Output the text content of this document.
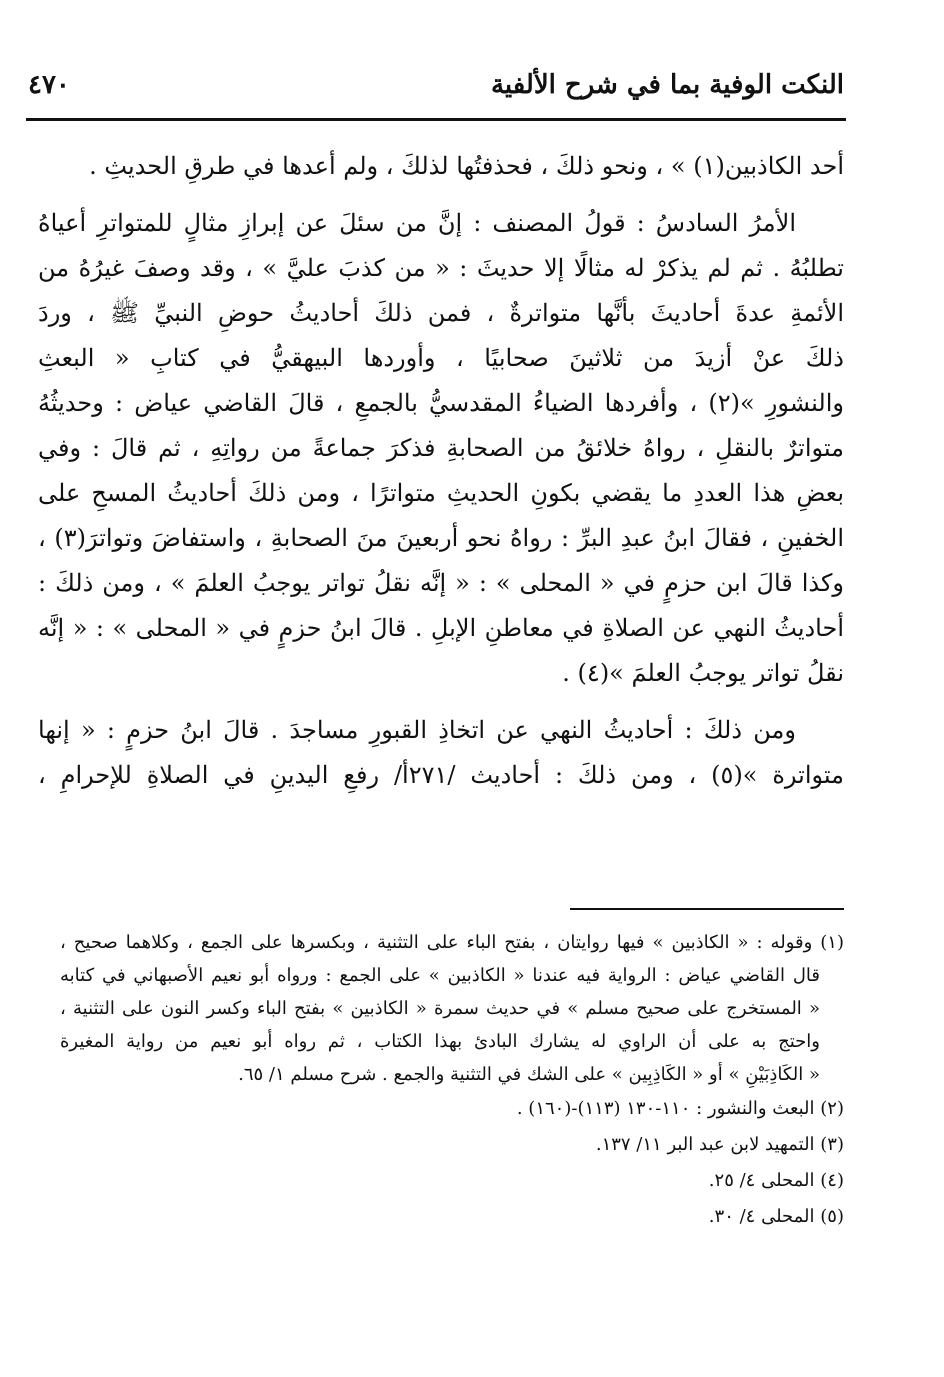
النكت الوفية بما في شرح الألفية
٤٧٠
أحد الكاذبين(١) » ، ونحو ذلكَ ، فحذفتُها لذلكَ ، ولم أعدها في طرقِ الحديثِ .
الأمرُ السادسُ : قولُ المصنف : إنَّ من سئلَ عن إبرازِ مثالٍ للمتواترِ أعياهُ
تطلبُهُ . ثم لم يذكرْ له مثالًا إلا حديثَ : « من كذبَ عليَّ » ، وقد وصفَ غيرُهُ من
الأئمةِ عدةَ أحاديثَ بأنَّها متواترةٌ ، فمن ذلكَ أحاديثُ حوضِ النبيِّ ﷺ ، وردَ
ذلكَ عنْ أزيدَ من ثلاثينَ صحابيًا ، وأوردها البيهقيُّ في كتابِ « البعثِ
والنشورِ »(٢) ، وأفردها الضياءُ المقدسيُّ بالجمعِ ، قالَ القاضي عياض : وحديثُهُ
متواترٌ بالنقلِ ، رواهُ خلائقُ من الصحابةِ فذكرَ جماعةً من رواتِهِ ، ثم قالَ : وفي
بعضِ هذا العددِ ما يقضي بكونِ الحديثِ متواترًا ، ومن ذلكَ أحاديثُ المسحِ على
الخفينِ ، فقالَ ابنُ عبدِ البرِّ : رواهُ نحو أربعينَ منَ الصحابةِ ، واستفاضَ وتواترَ(٣) ،
وكذا قالَ ابن حزمٍ في « المحلى » : « إنَّه نقلُ تواتر يوجبُ العلمَ » ، ومن ذلكَ :
أحاديثُ النهي عن الصلاةِ في معاطنِ الإبلِ . قالَ ابنُ حزمٍ في « المحلى » : « إنَّه
نقلُ تواتر يوجبُ العلمَ »(٤) .
ومن ذلكَ : أحاديثُ النهي عن اتخاذِ القبورِ مساجدَ . قالَ ابنُ حزمٍ : « إنها
متواترة »(٥) ، ومن ذلكَ : أحاديث /٢٧١أ/ رفعِ اليدينِ في الصلاةِ للإحرامِ ،
(١) وقوله : « الكاذبين » فيها روايتان ، بفتح الباء على التثنية ، وبكسرها على الجمع ، وكلاهما صحيح ،
قال القاضي عياض : الرواية فيه عندنا « الكاذبين » على الجمع : ورواه أبو نعيم الأصبهاني في كتابه
« المستخرج على صحيح مسلم » في حديث سمرة « الكاذبين » بفتح الباء وكسر النون على التثنية ،
واحتج به على أن الراوي له يشارك البادئ بهذا الكتاب ، ثم رواه أبو نعيم من رواية المغيرة
« الكَاذِبَيْنِ » أو « الكَاذِبِين » على الشك في التثنية والجمع . شرح مسلم ١/ ٦٥.
(٢) البعث والنشور : ١١٠-١٣٠ (١١٣)-(١٦٠) .
(٣) التمهيد لابن عبد البر ١١/ ١٣٧.
(٤) المحلى ٤/ ٢٥.
(٥) المحلى ٤/ ٣٠.
